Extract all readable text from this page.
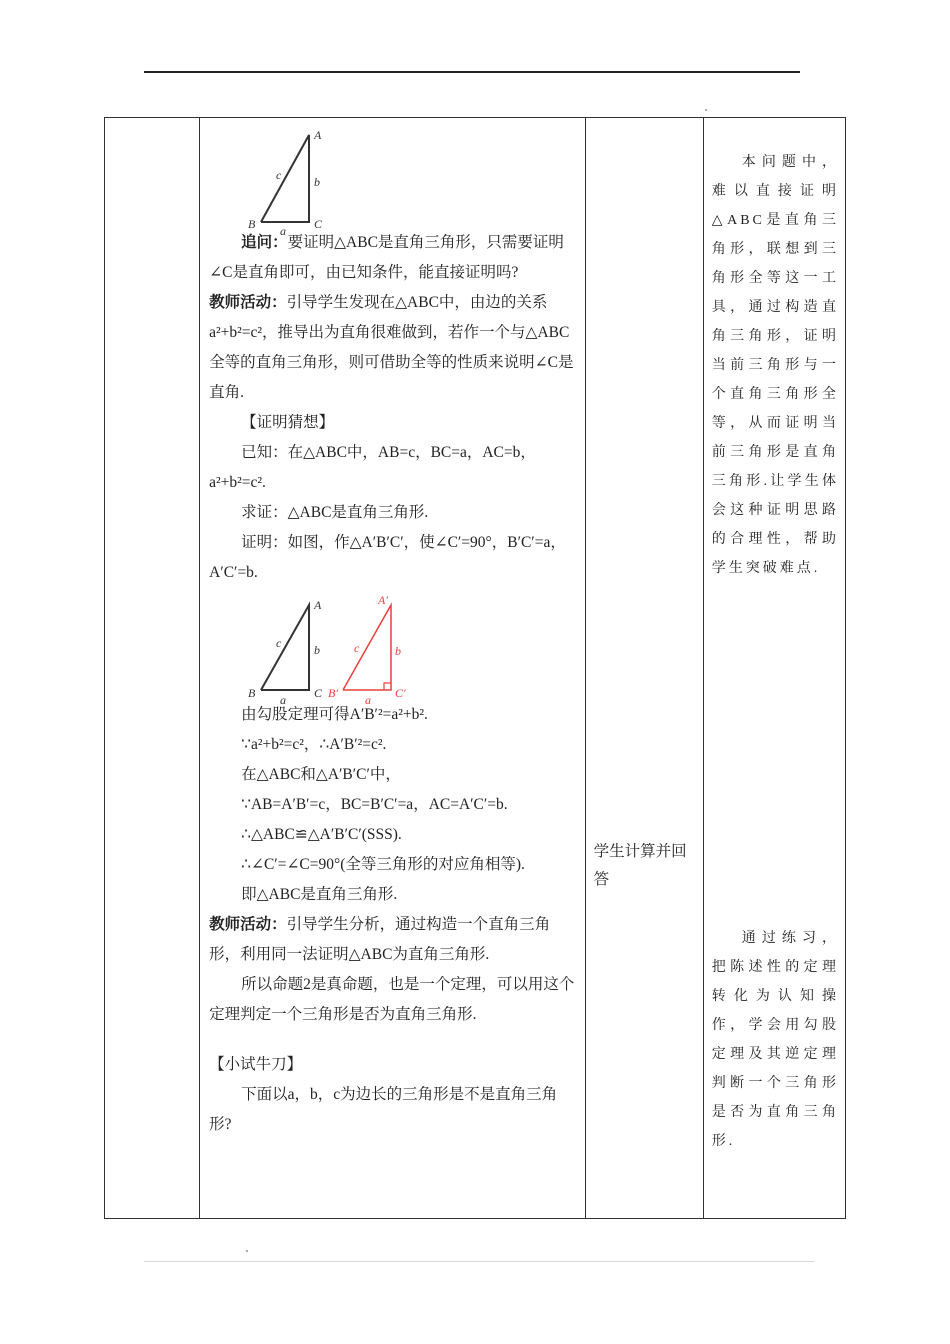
A
B	C
a
b
c

追问：要证明△ABC是直角三角形，只需要证明∠C是直角即可，由已知条件，能直接证明吗?

教师活动：引导学生发现在△ABC中，由边的关系a²+b²=c²，推导出为直角很难做到，若作一个与△ABC全等的直角三角形，则可借助全等的性质来说明∠C是直角.

【证明猜想】

已知：在△ABC中，AB=c，BC=a，AC=b，a²+b²=c².

求证：△ABC是直角三角形.

证明：如图，作△A′B′C′，使∠C′=90°，B′C′=a，A′C′=b.

A
B	C
a
b
c
A′
B′	C′
a
b
c

由勾股定理可得A′B′²=a²+b².

∵a²+b²=c²，∴A′B′²=c².

在△ABC和△A′B′C′中，

∵AB=A′B′=c，BC=B′C′=a，AC=A′C′=b.

∴△ABC≌△A′B′C′(SSS).

∴∠C′=∠C=90°(全等三角形的对应角相等).

即△ABC是直角三角形.

教师活动：引导学生分析，通过构造一个直角三角形，利用同一法证明△ABC为直角三角形.

所以命题2是真命题，也是一个定理，可以用这个定理判定一个三角形是否为直角三角形.

【小试牛刀】

下面以a，b，c为边长的三角形是不是直角三角形?

学生计算并回答

本问题中，难以直接证明△ABC是直角三角形，联想到三角形全等这一工具，通过构造直角三角形，证明当前三角形与一个直角三角形全等，从而证明当前三角形是直角三角形.让学生体会这种证明思路的合理性，帮助学生突破难点.

通过练习，把陈述性的定理转化为认知操作，学会用勾股定理及其逆定理判断一个三角形是否为直角三角形.
